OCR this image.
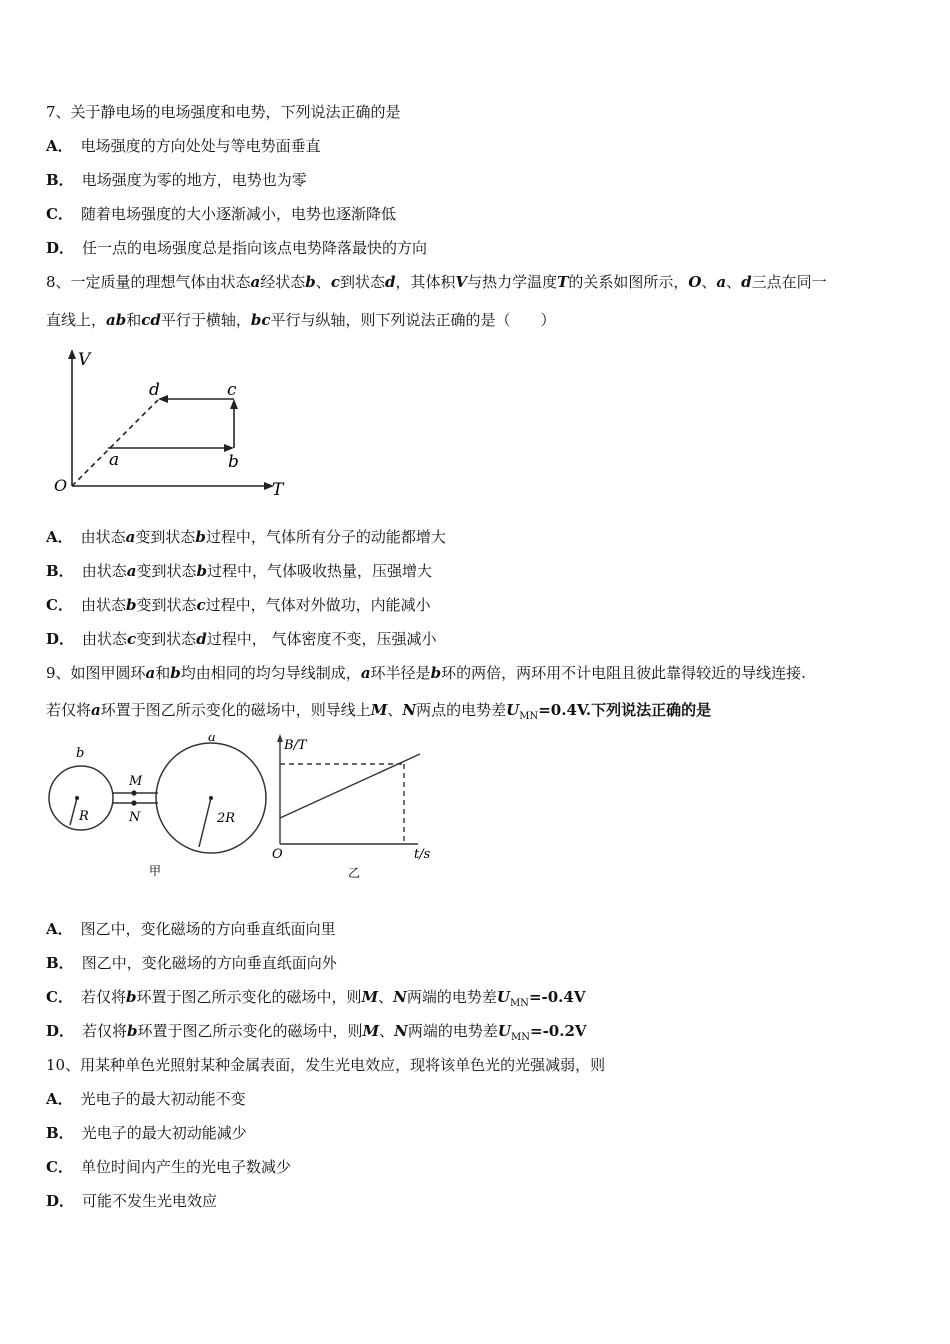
7、关于静电场的电场强度和电势，下列说法正确的是
A． 电场强度的方向处处与等电势面垂直
B． 电场强度为零的地方，电势也为零
C． 随着电场强度的大小逐渐减小，电势也逐渐降低
D． 任一点的电场强度总是指向该点电势降落最快的方向
8、一定质量的理想气体由状态a经状态b、c到状态d，其体积V与热力学温度T的关系如图所示，O、a、d三点在同一
直线上，ab和cd平行于横轴，bc平行与纵轴，则下列说法正确的是（　　）
V
T
O
a	b
c
d
A． 由状态a变到状态b过程中，气体所有分子的动能都增大
B． 由状态a变到状态b过程中，气体吸收热量，压强增大
C． 由状态b变到状态c过程中，气体对外做功，内能减小
D． 由状态c变到状态d过程中， 气体密度不变，压强减小
9、如图甲圆环a和b均由相同的均匀导线制成，a环半径是b环的两倍，两环用不计电阻且彼此靠得较近的导线连接.
若仅将a环置于图乙所示变化的磁场中，则导线上M、N两点的电势差$U_{MN}=0.4V$.下列说法正确的是
b
a
M
N
R	2R
甲
B/T
t/s
O
乙
A． 图乙中，变化磁场的方向垂直纸面向里
B． 图乙中，变化磁场的方向垂直纸面向外
C． 若仅将b环置于图乙所示变化的磁场中，则M、N两端的电势差$U_{MN}=-0.4V$
D． 若仅将b环置于图乙所示变化的磁场中，则M、N两端的电势差$U_{MN}=-0.2V$
10、用某种单色光照射某种金属表面，发生光电效应，现将该单色光的光强减弱，则
A． 光电子的最大初动能不变
B． 光电子的最大初动能减少
C． 单位时间内产生的光电子数减少
D． 可能不发生光电效应
